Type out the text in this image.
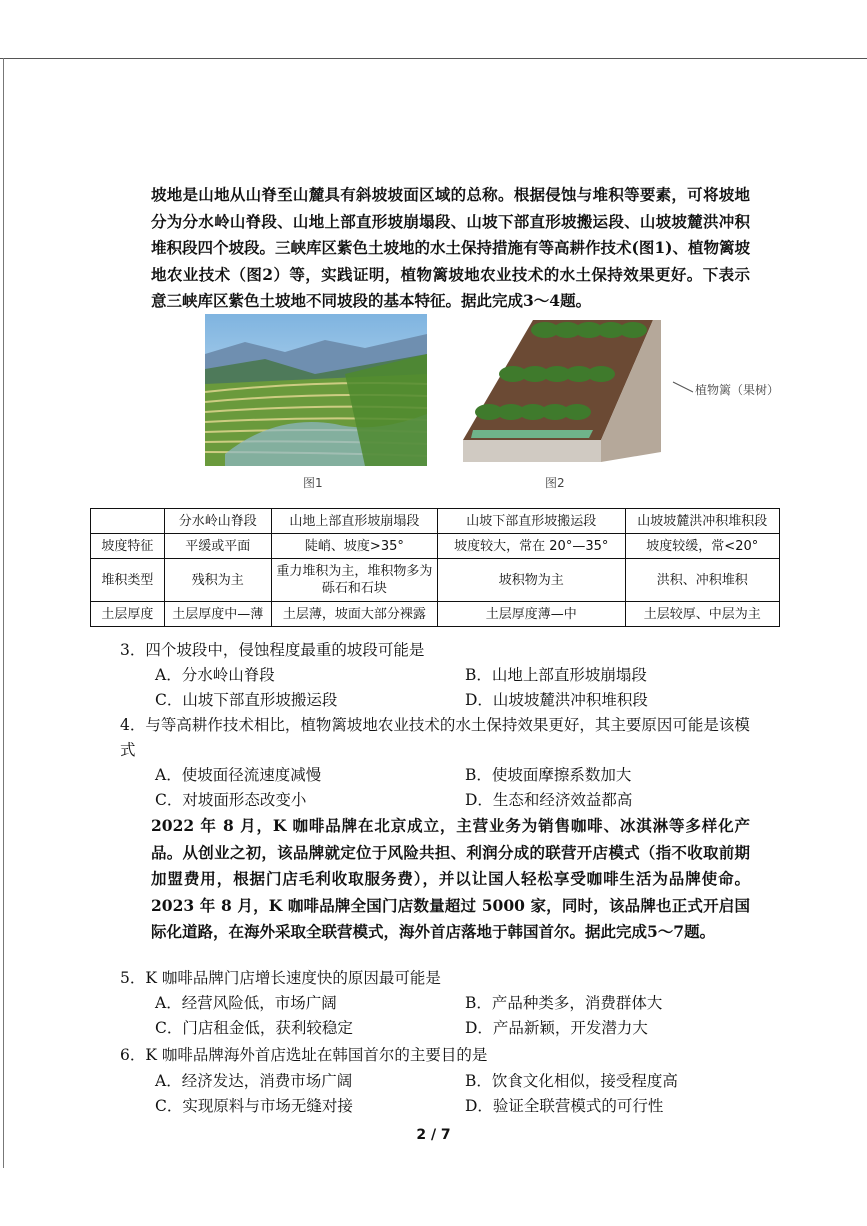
坡地是山地从山脊至山麓具有斜坡坡面区域的总称。根据侵蚀与堆积等要素，可将坡地分为分水岭山脊段、山地上部直形坡崩塌段、山坡下部直形坡搬运段、山坡坡麓洪冲积堆积段四个坡段。三峡库区紫色土坡地的水土保持措施有等高耕作技术(图1)、植物篱坡地农业技术（图2）等，实践证明，植物篱坡地农业技术的水土保持效果更好。下表示意三峡库区紫色土坡地不同坡段的基本特征。据此完成3～4题。
图1
植物篱（果树）
图2
	分水岭山脊段	山地上部直形坡崩塌段	山坡下部直形坡搬运段	山坡坡麓洪冲积堆积段
坡度特征	平缓或平面	陡峭、坡度>35°	坡度较大，常在 20°—35°	坡度较缓，常<20°
堆积类型	残积为主	重力堆积为主，堆积物多为砾石和石块	坡积物为主	洪积、冲积堆积
土层厚度	土层厚度中—薄	土层薄，坡面大部分裸露	土层厚度薄—中	土层较厚、中层为主
3．四个坡段中，侵蚀程度最重的坡段可能是
A．分水岭山脊段	B．山地上部直形坡崩塌段
C．山坡下部直形坡搬运段	D．山坡坡麓洪冲积堆积段
4．与等高耕作技术相比，植物篱坡地农业技术的水土保持效果更好，其主要原因可能是该模式
A．使坡面径流速度减慢	B．使坡面摩擦系数加大
C．对坡面形态改变小	D．生态和经济效益都高
2022 年 8 月，K 咖啡品牌在北京成立，主营业务为销售咖啡、冰淇淋等多样化产品。从创业之初，该品牌就定位于风险共担、利润分成的联营开店模式（指不收取前期加盟费用，根据门店毛利收取服务费），并以让国人轻松享受咖啡生活为品牌使命。2023 年 8 月，K 咖啡品牌全国门店数量超过 5000 家，同时，该品牌也正式开启国际化道路，在海外采取全联营模式，海外首店落地于韩国首尔。据此完成5～7题。
5．K 咖啡品牌门店增长速度快的原因最可能是
A．经营风险低，市场广阔	B．产品种类多，消费群体大
C．门店租金低，获利较稳定	D．产品新颖，开发潜力大
6．K 咖啡品牌海外首店选址在韩国首尔的主要目的是
A．经济发达，消费市场广阔	B．饮食文化相似，接受程度高
C．实现原料与市场无缝对接	D．验证全联营模式的可行性
2 / 7
